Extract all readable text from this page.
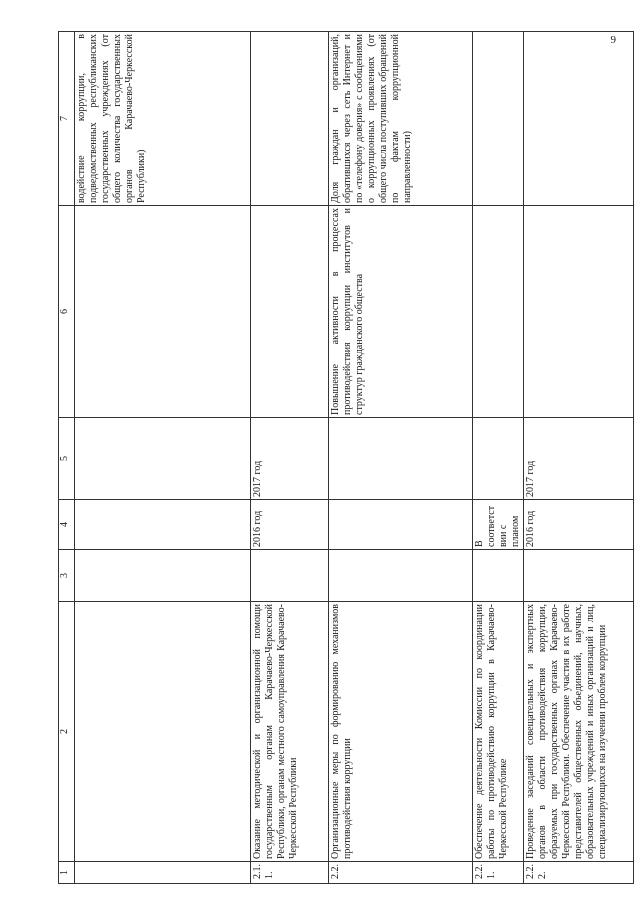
9
1	2	3	4	5	6	7
						водействие коррупции, в подведомственных республиканских государственных учреждениях (от общего количества государственных органов Карачаево-Черкесской Республики)
2.1.1.	Оказание методической и организационной помощи государственным органам Карачаево-Черкесской Республики, органам местного самоуправления Карачаево-Черкесской Республики		2016 год	2017 год		
2.2.	Организационные меры по формированию механизмов противодействия коррупции				Повышение активности в процессах противодействия коррупции институтов и структур гражданского общества	Доля граждан и организаций, обратившихся через сеть Интернет и по «телефону доверия» с сообщениями о коррупционных проявлениях (от общего числа поступивших обращений по фактам коррупционной направленности)
2.2.1.	Обеспечение деятельности Комиссии по координации работы по противодействию коррупции в Карачаево-Черкесской Республике		В соответствии с планом			
2.2.2.	Проведение заседаний совещательных и экспертных органов в области противодействия коррупции, образуемых при государственных органах Карачаево-Черкесской Республики. Обеспечение участия в их работе представителей общественных объединений, научных, образовательных учреждений и иных организаций и лиц, специализирующихся на изучении проблем коррупции		2016 год	2017 год		
